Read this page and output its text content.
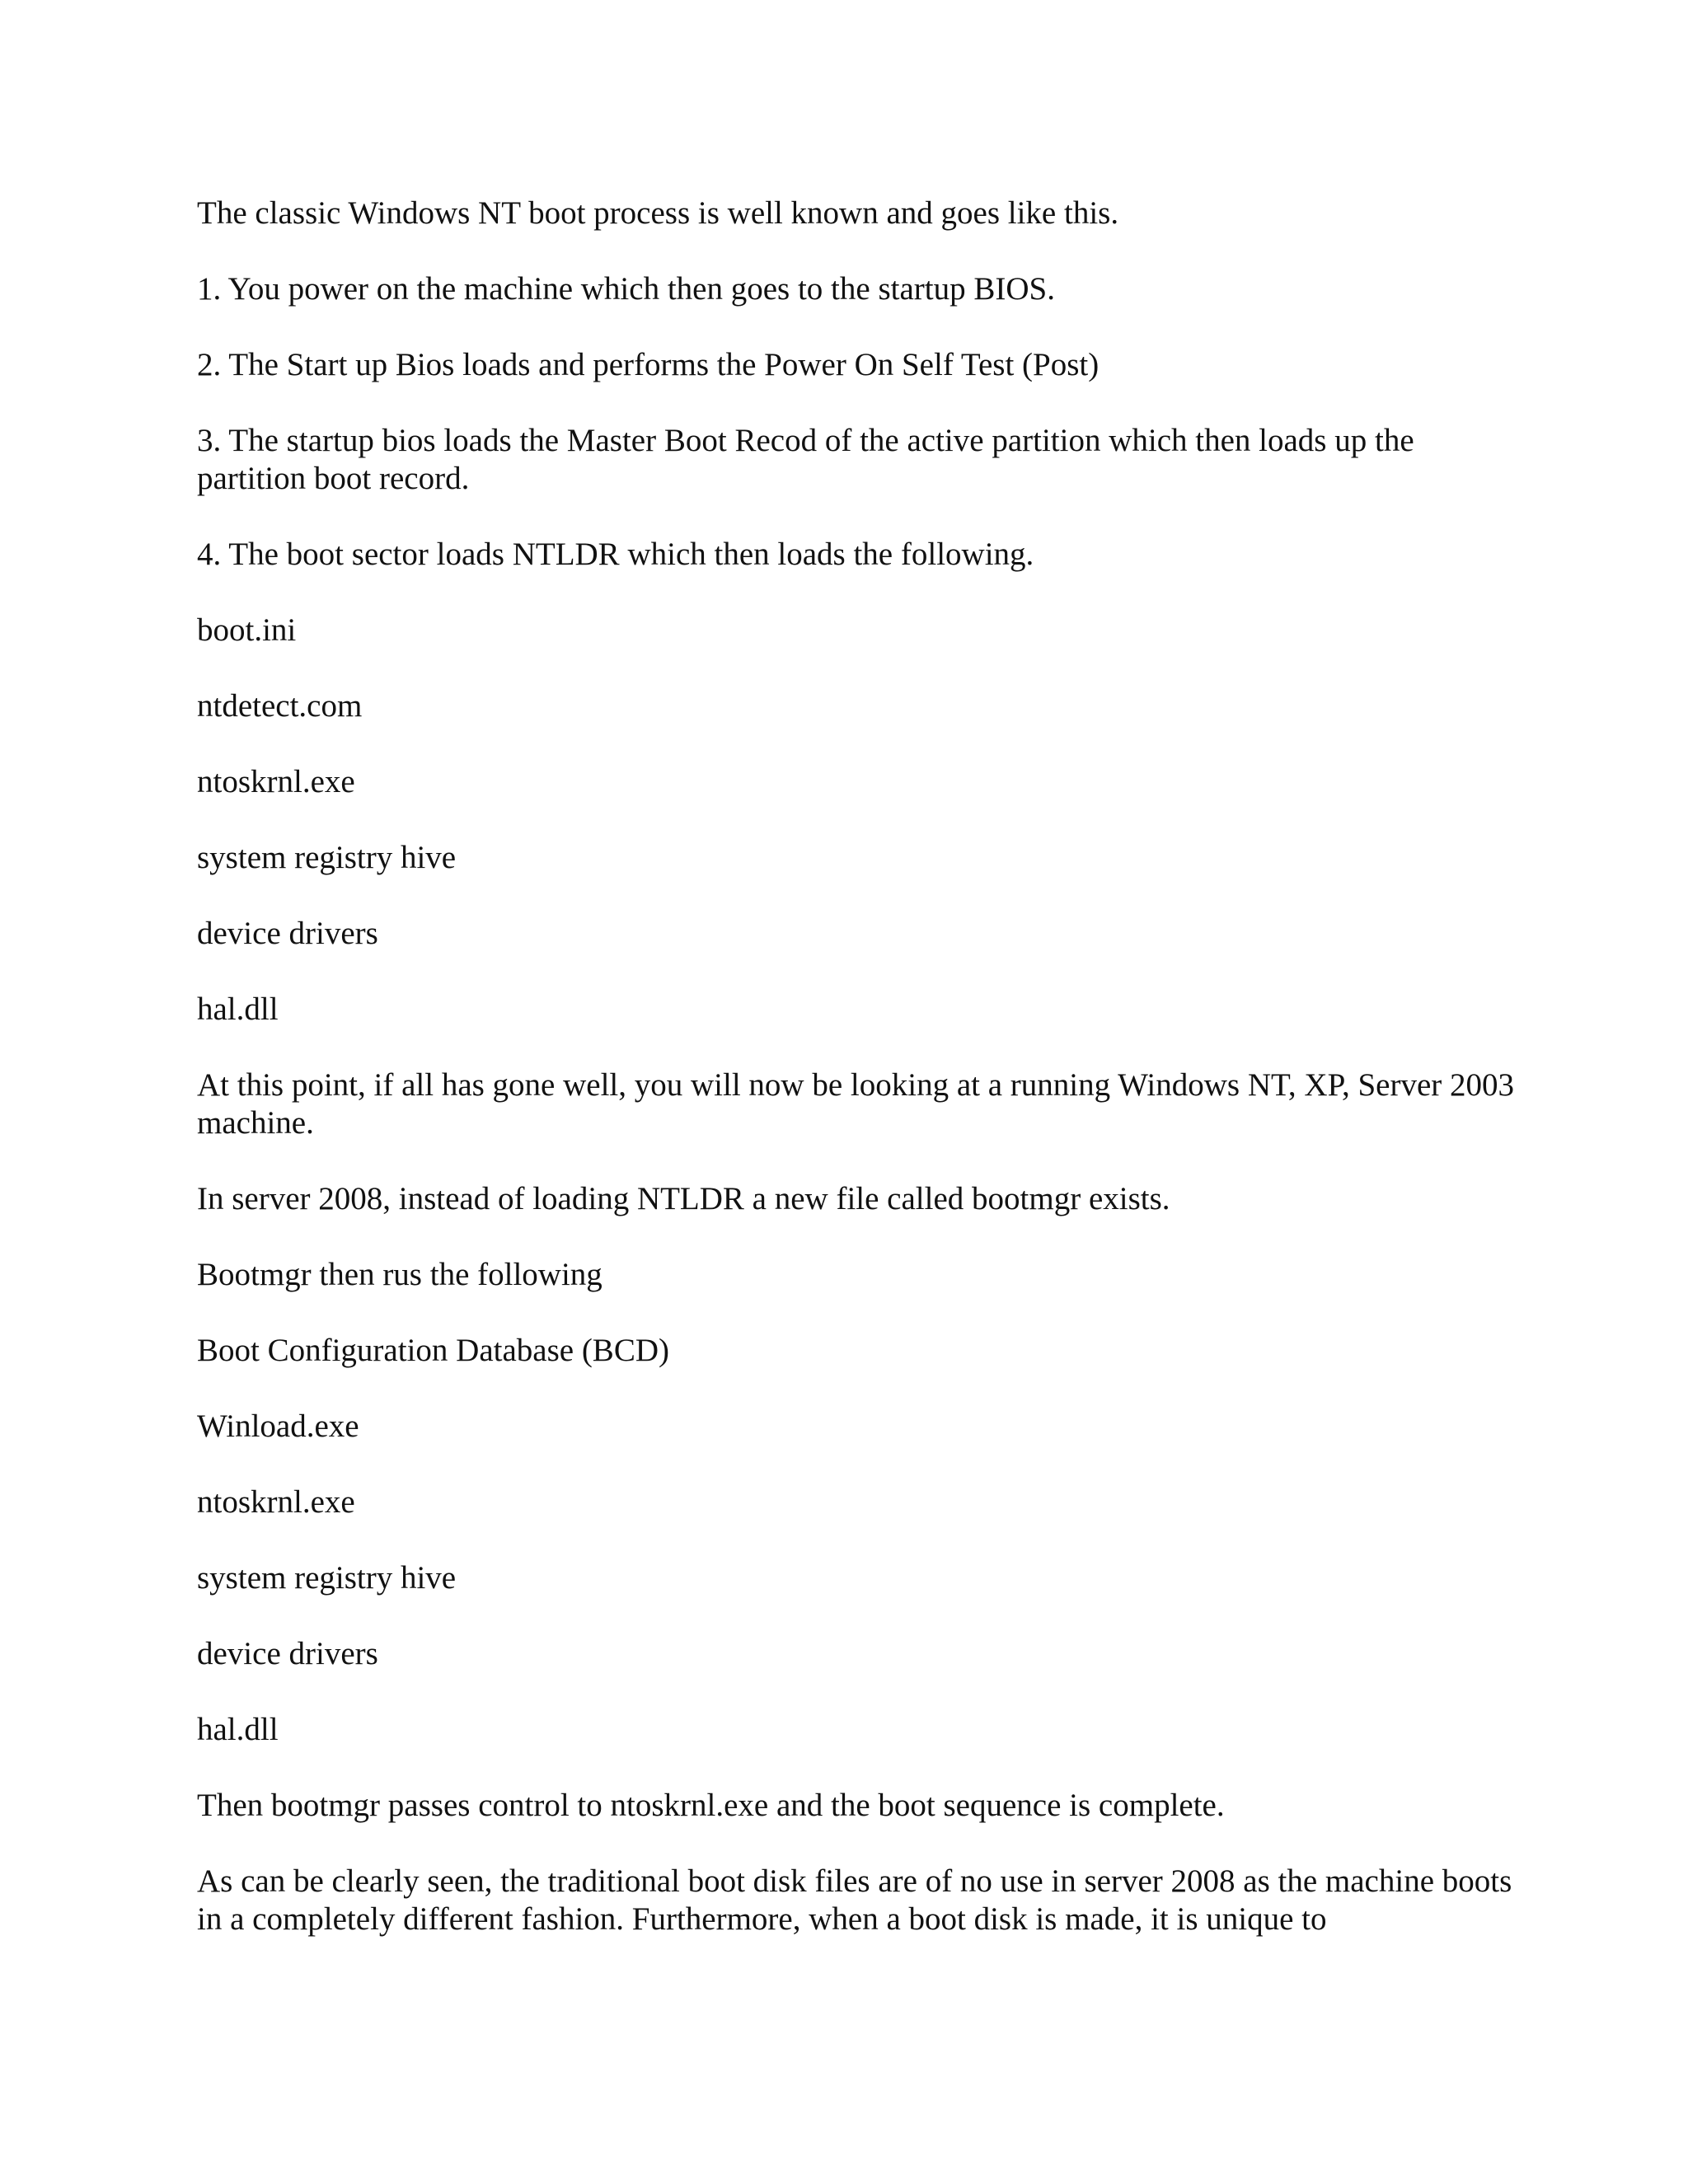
The classic Windows NT boot process is well known and goes like this.

1. You power on the machine which then goes to the startup BIOS.

2. The Start up Bios loads and performs the Power On Self Test (Post)

3. The startup bios loads the Master Boot Recod of the active partition which then loads up the partition boot record.

4. The boot sector loads NTLDR which then loads the following.

boot.ini

ntdetect.com

ntoskrnl.exe

system registry hive

device drivers

hal.dll

At this point, if all has gone well, you will now be looking at a running Windows NT, XP, Server 2003 machine.

In server 2008, instead of loading NTLDR a new file called bootmgr exists.

Bootmgr then rus the following

Boot Configuration Database (BCD)

Winload.exe

ntoskrnl.exe

system registry hive

device drivers

hal.dll

Then bootmgr passes control to ntoskrnl.exe and the boot sequence is complete.

As can be clearly seen, the traditional boot disk files are of no use in server 2008 as the machine boots in a completely different fashion. Furthermore, when a boot disk is made, it is unique to
